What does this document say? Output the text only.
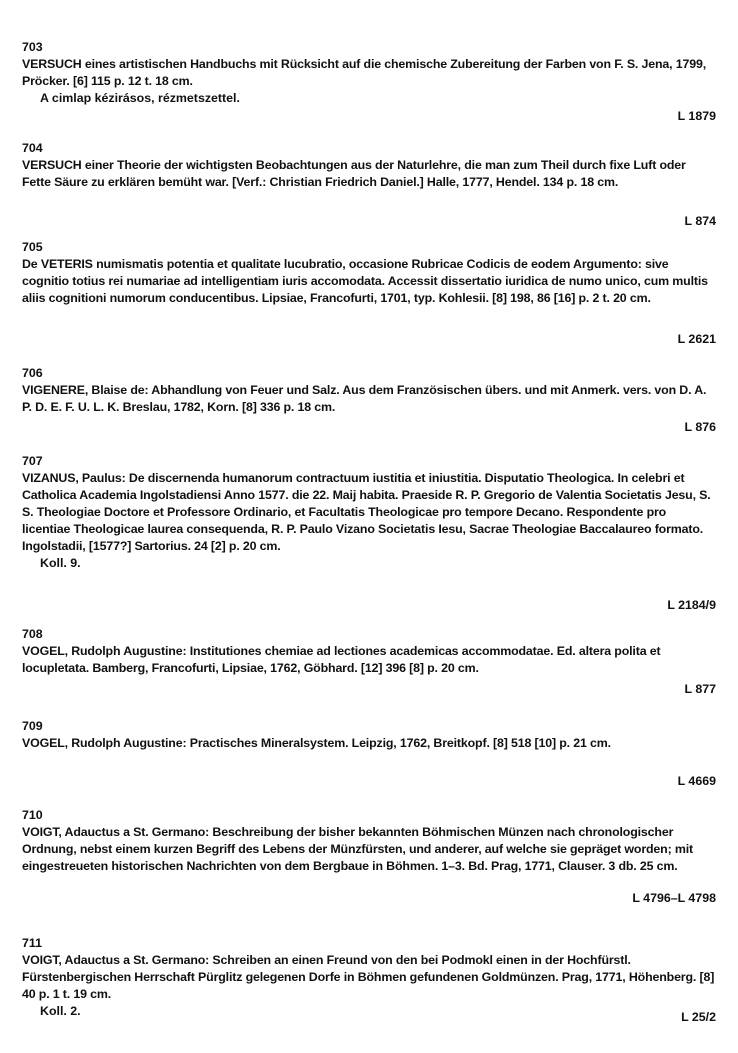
703
VERSUCH eines artistischen Handbuchs mit Rücksicht auf die chemische Zubereitung der Farben von F. S. Jena, 1799, Pröcker. [6] 115 p. 12 t. 18 cm.
A cimlap kézirásos, rézmetszettel.
L 1879
704
VERSUCH einer Theorie der wichtigsten Beobachtungen aus der Naturlehre, die man zum Theil durch fixe Luft oder Fette Säure zu erklären bemüht war. [Verf.: Christian Friedrich Daniel.] Halle, 1777, Hendel. 134 p. 18 cm.
L 874
705
De VETERIS numismatis potentia et qualitate lucubratio, occasione Rubricae Codicis de eodem Argumento: sive cognitio totius rei numariae ad intelligentiam iuris accomodata. Accessit dissertatio iuridica de numo unico, cum multis aliis cognitioni numorum conducentibus. Lipsiae, Francofurti, 1701, typ. Kohlesii. [8] 198, 86 [16] p. 2 t. 20 cm.
L 2621
706
VIGENERE, Blaise de: Abhandlung von Feuer und Salz. Aus dem Französischen übers. und mit Anmerk. vers. von D. A. P. D. E. F. U. L. K. Breslau, 1782, Korn. [8] 336 p. 18 cm.
L 876
707
VIZANUS, Paulus: De discernenda humanorum contractuum iustitia et iniustitia. Disputatio Theologica. In celebri et Catholica Academia Ingolstadiensi Anno 1577. die 22. Maij habita. Praeside R. P. Gregorio de Valentia Societatis Jesu, S. S. Theologiae Doctore et Professore Ordinario, et Facultatis Theologicae pro tempore Decano. Respondente pro licentiae Theologicae laurea consequenda, R. P. Paulo Vizano Societatis Iesu, Sacrae Theologiae Baccalaureo formato. Ingolstadii, [1577?] Sartorius. 24 [2] p. 20 cm.
Koll. 9.
L 2184/9
708
VOGEL, Rudolph Augustine: Institutiones chemiae ad lectiones academicas accommodatae. Ed. altera polita et locupletata. Bamberg, Francofurti, Lipsiae, 1762, Göbhard. [12] 396 [8] p. 20 cm.
L 877
709
VOGEL, Rudolph Augustine: Practisches Mineralsystem. Leipzig, 1762, Breitkopf. [8] 518 [10] p. 21 cm.
L 4669
710
VOIGT, Adauctus a St. Germano: Beschreibung der bisher bekannten Böhmischen Münzen nach chronologischer Ordnung, nebst einem kurzen Begriff des Lebens der Münzfürsten, und anderer, auf welche sie gepräget worden; mit eingestreueten historischen Nachrichten von dem Bergbaue in Böhmen. 1–3. Bd. Prag, 1771, Clauser. 3 db. 25 cm.
L 4796–L 4798
711
VOIGT, Adauctus a St. Germano: Schreiben an einen Freund von den bei Podmokl einen in der Hochfürstl. Fürstenbergischen Herrschaft Pürglitz gelegenen Dorfe in Böhmen gefundenen Goldmünzen. Prag, 1771, Höhenberg. [8] 40 p. 1 t. 19 cm.
Koll. 2.	L 25/2
